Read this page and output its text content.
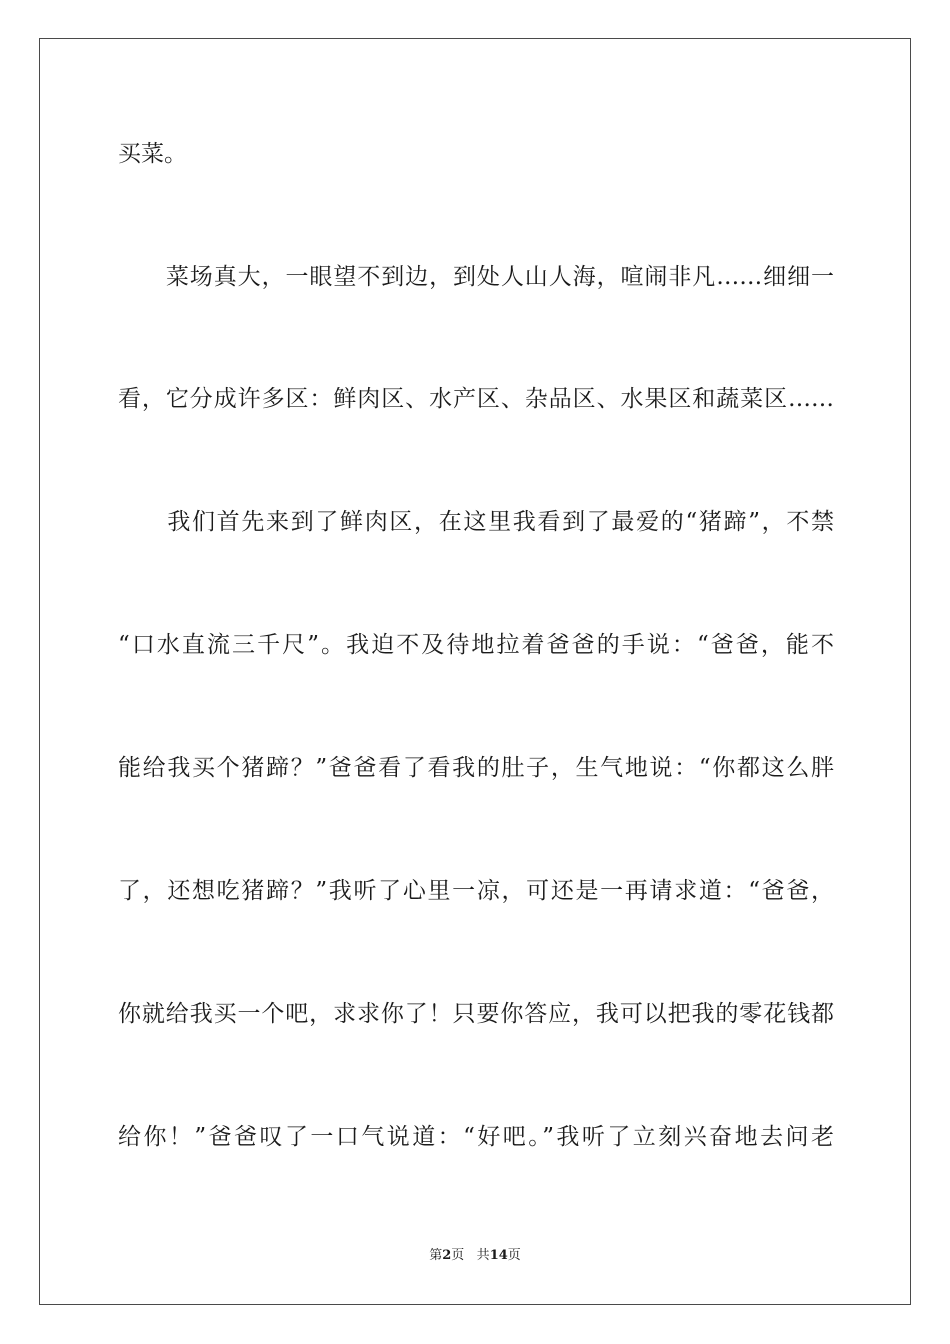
买菜。
　　菜场真大，一眼望不到边，到处人山人海，喧闹非凡……细细一
看，它分成许多区：鲜肉区、水产区、杂品区、水果区和蔬菜区……
　　我们首先来到了鲜肉区，在这里我看到了最爱的“猪蹄”，不禁
“口水直流三千尺”。我迫不及待地拉着爸爸的手说：“爸爸，能不
能给我买个猪蹄？”爸爸看了看我的肚子，生气地说：“你都这么胖
了，还想吃猪蹄？”我听了心里一凉，可还是一再请求道：“爸爸，
你就给我买一个吧，求求你了！只要你答应，我可以把我的零花钱都
给你！”爸爸叹了一口气说道：“好吧。”我听了立刻兴奋地去问老
第2页 共14页
